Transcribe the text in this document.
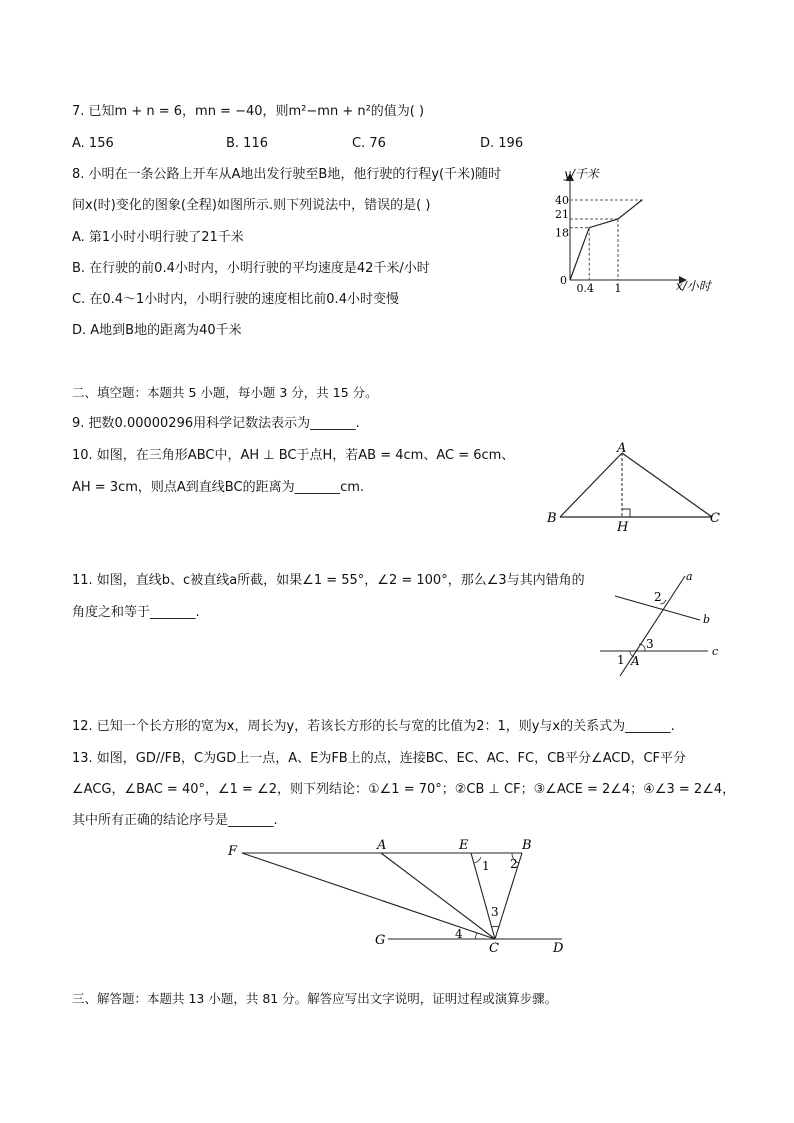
7. 已知m + n = 6，mn = −40，则m²−mn + n²的值为( )
A. 156	B. 116	C. 76	D. 196
8. 小明在一条公路上开车从A地出发行驶至B地，他行驶的行程y(千米)随时
间x(时)变化的图象(全程)如图所示.则下列说法中，错误的是( )
A. 第1小时小明行驶了21千米
B. 在行驶的前0.4小时内，小明行驶的平均速度是42千米/小时
C. 在0.4～1小时内，小明行驶的速度相比前0.4小时变慢
D. A地到B地的距离为40千米
y/千米
x/小时
0
40
21
18
0.4 1
二、填空题：本题共 5 小题，每小题 3 分，共 15 分。
9. 把数0.00000296用科学记数法表示为_______.
10. 如图，在三角形ABC中，AH ⊥ BC于点H，若AB = 4cm、AC = 6cm、
AH = 3cm，则点A到直线BC的距离为_______cm.
A
B	C
H
11. 如图，直线b、c被直线a所截，如果∠1 = 55°，∠2 = 100°，那么∠3与其内错角的
角度之和等于_______.
a
b
c
2
3
1 A
12. 已知一个长方形的宽为x，周长为y，若该长方形的长与宽的比值为2：1，则y与x的关系式为_______.
13. 如图，GD//FB，C为GD上一点，A、E为FB上的点，连接BC、EC、AC、FC，CB平分∠ACD，CF平分
∠ACG，∠BAC = 40°，∠1 = ∠2，则下列结论：①∠1 = 70°；②CB ⊥ CF；③∠ACE = 2∠4；④∠3 = 2∠4，
其中所有正确的结论序号是_______.
F	A	E	B
G
C	D
1 2
3
4
三、解答题：本题共 13 小题，共 81 分。解答应写出文字说明，证明过程或演算步骤。
